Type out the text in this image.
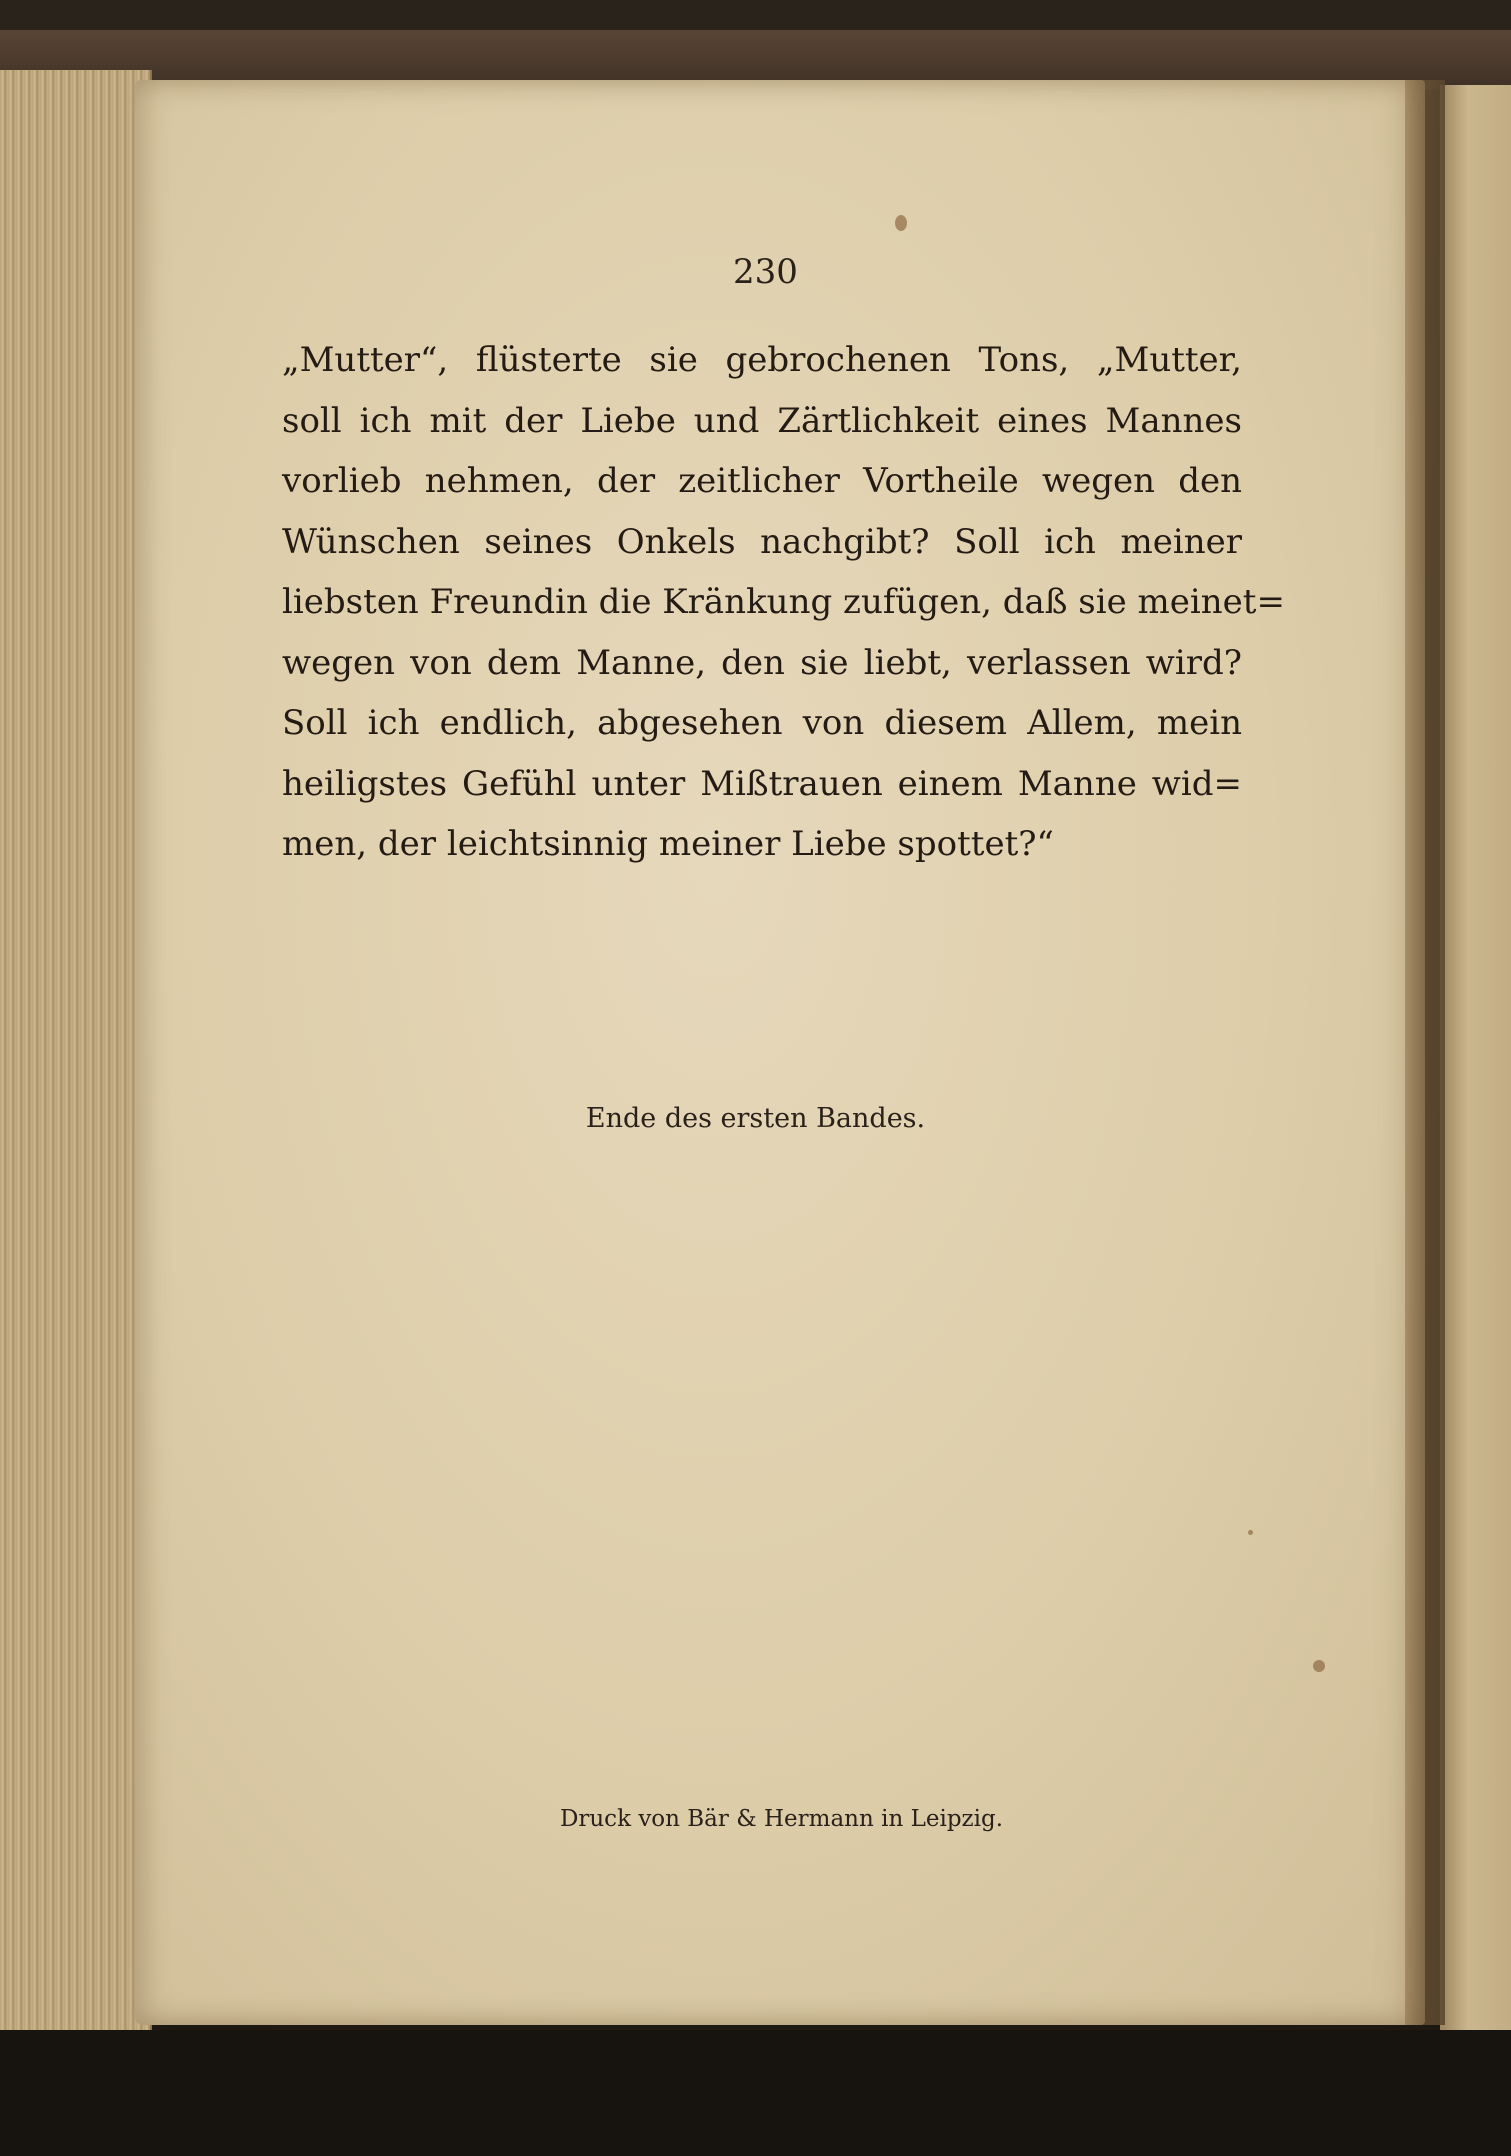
230
„Mutter“, flüsterte sie gebrochenen Tons, „Mutter,
soll ich mit der Liebe und Zärtlichkeit eines Mannes
vorlieb nehmen, der zeitlicher Vortheile wegen den
Wünschen seines Onkels nachgibt? Soll ich meiner
liebsten Freundin die Kränkung zufügen, daß sie meinet=
wegen von dem Manne, den sie liebt, verlassen wird?
Soll ich endlich, abgesehen von diesem Allem, mein
heiligstes Gefühl unter Mißtrauen einem Manne wid=
men, der leichtsinnig meiner Liebe spottet?“
Ende des ersten Bandes.
Druck von Bär & Hermann in Leipzig.
